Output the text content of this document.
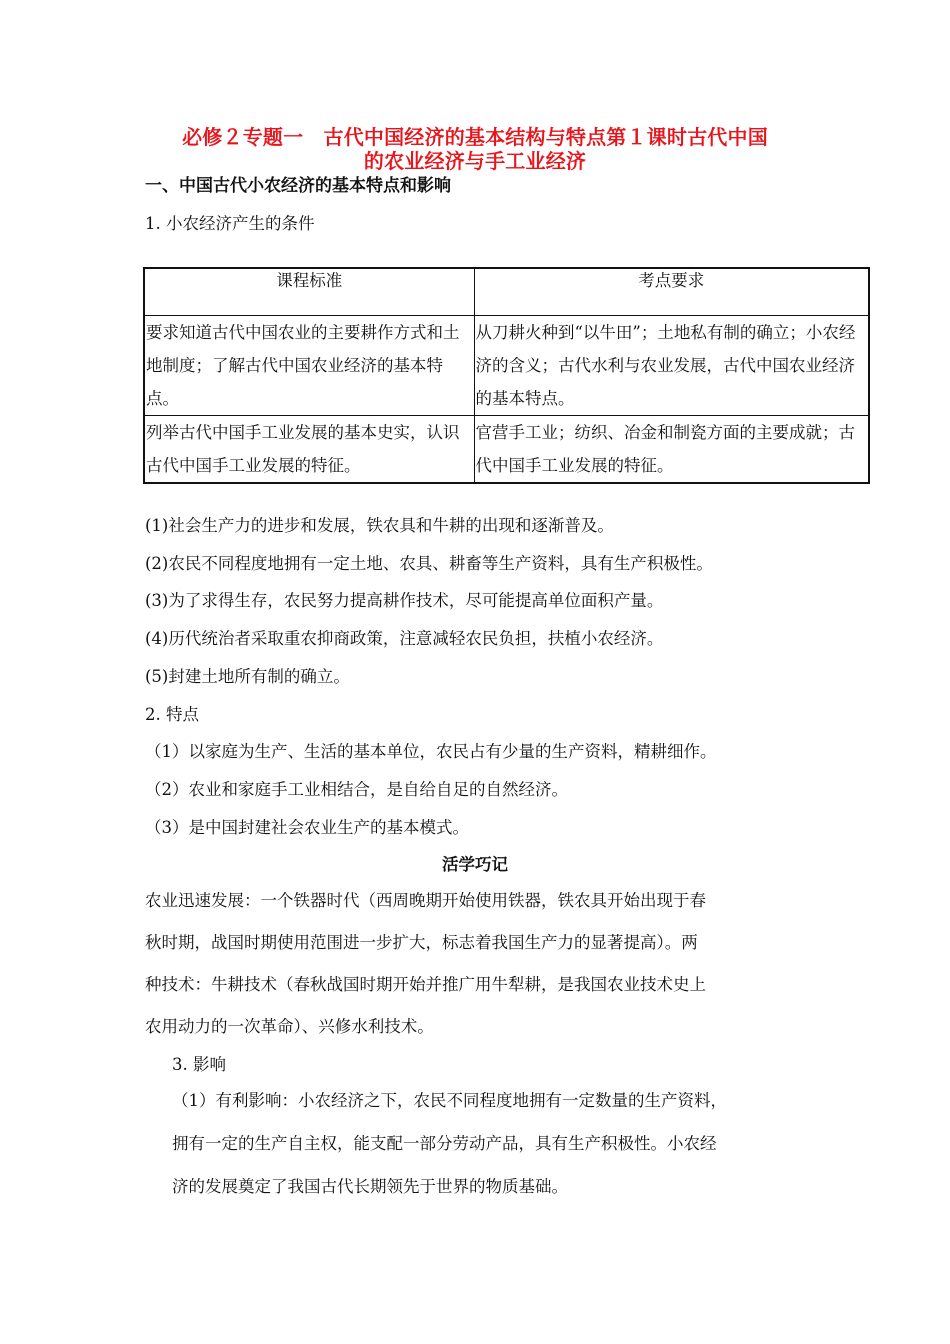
必修２专题一　古代中国经济的基本结构与特点第１课时古代中国
的农业经济与手工业经济
一、中国古代小农经济的基本特点和影响
1. 小农经济产生的条件
课程标准	考点要求
要求知道古代中国农业的主要耕作方式和土地制度；了解古代中国农业经济的基本特点。	从刀耕火种到“以牛田”；土地私有制的确立；小农经济的含义；古代水利与农业发展，古代中国农业经济的基本特点。
列举古代中国手工业发展的基本史实，认识古代中国手工业发展的特征。	官营手工业；纺织、冶金和制瓷方面的主要成就；古代中国手工业发展的特征。
(1)社会生产力的进步和发展，铁农具和牛耕的出现和逐渐普及。
(2)农民不同程度地拥有一定土地、农具、耕畜等生产资料，具有生产积极性。
(3)为了求得生存，农民努力提高耕作技术，尽可能提高单位面积产量。
(4)历代统治者采取重农抑商政策，注意减轻农民负担，扶植小农经济。
(5)封建土地所有制的确立。
2. 特点
（1）以家庭为生产、生活的基本单位，农民占有少量的生产资料，精耕细作。
（2）农业和家庭手工业相结合，是自给自足的自然经济。
（3）是中国封建社会农业生产的基本模式。
活学巧记
农业迅速发展：一个铁器时代（西周晚期开始使用铁器，铁农具开始出现于春
秋时期，战国时期使用范围进一步扩大，标志着我国生产力的显著提高）。两
种技术：牛耕技术（春秋战国时期开始并推广用牛犁耕，是我国农业技术史上
农用动力的一次革命）、兴修水利技术。
3. 影响
（1）有利影响：小农经济之下，农民不同程度地拥有一定数量的生产资料，
拥有一定的生产自主权，能支配一部分劳动产品，具有生产积极性。小农经
济的发展奠定了我国古代长期领先于世界的物质基础。
